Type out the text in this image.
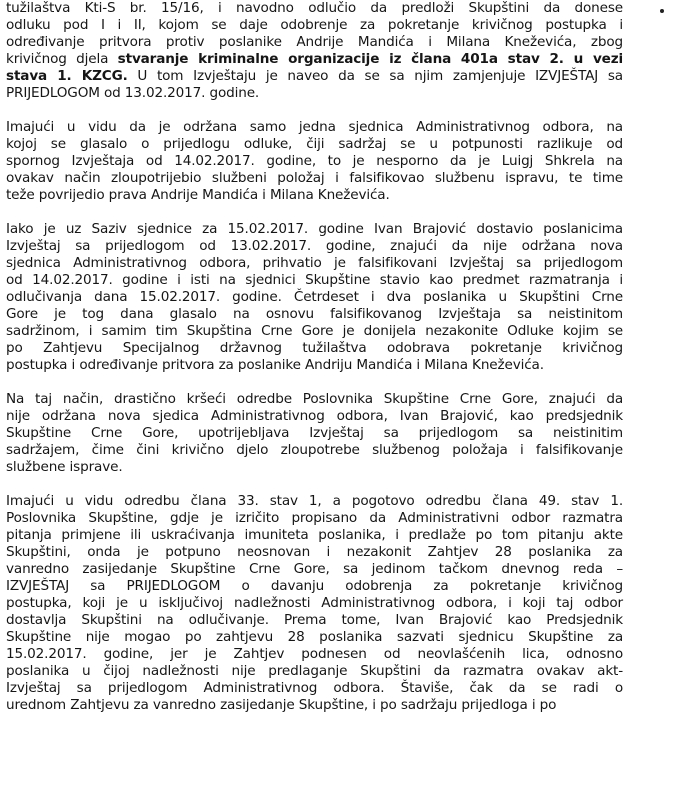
tužilaštva Kti-S br. 15/16, i navodno odlučio da predloži Skupštini da donese
odluku pod I i II, kojom se daje odobrenje za pokretanje krivičnog postupka i
određivanje pritvora protiv poslanike Andrije Mandića i Milana Kneževića, zbog
krivičnog djela stvaranje kriminalne organizacije iz člana 401a stav 2. u vezi
stava 1. KZCG. U tom Izvještaju je naveo da se sa njim zamjenjuje IZVJEŠTAJ sa
PRIJEDLOGOM od 13.02.2017. godine.
Imajući u vidu da je održana samo jedna sjednica Administrativnog odbora, na
kojoj se glasalo o prijedlogu odluke, čiji sadržaj se u potpunosti razlikuje od
spornog Izvještaja od 14.02.2017. godine, to je nesporno da je Luigj Shkrela na
ovakav način zloupotrijebio službeni položaj i falsifikovao službenu ispravu, te time
teže povrijedio prava Andrije Mandića i Milana Kneževića.
Iako je uz Saziv sjednice za 15.02.2017. godine Ivan Brajović dostavio poslanicima
Izvještaj sa prijedlogom od 13.02.2017. godine, znajući da nije održana nova
sjednica Administrativnog odbora, prihvatio je falsifikovani Izvještaj sa prijedlogom
od 14.02.2017. godine i isti na sjednici Skupštine stavio kao predmet razmatranja i
odlučivanja dana 15.02.2017. godine. Četrdeset i dva poslanika u Skupštini Crne
Gore je tog dana glasalo na osnovu falsifikovanog Izvještaja sa neistinitom
sadržinom, i samim tim Skupština Crne Gore je donijela nezakonite Odluke kojim se
po Zahtjevu Specijalnog državnog tužilaštva odobrava pokretanje krivičnog
postupka i određivanje pritvora za poslanike Andriju Mandića i Milana Kneževića.
Na taj način, drastično kršeći odredbe Poslovnika Skupštine Crne Gore, znajući da
nije održana nova sjedica Administrativnog odbora, Ivan Brajović, kao predsjednik
Skupštine Crne Gore, upotrijebljava Izvještaj sa prijedlogom sa neistinitim
sadržajem, čime čini krivično djelo zloupotrebe službenog položaja i falsifikovanje
službene isprave.
Imajući u vidu odredbu člana 33. stav 1, a pogotovo odredbu člana 49. stav 1.
Poslovnika Skupštine, gdje je izričito propisano da Administrativni odbor razmatra
pitanja primjene ili uskraćivanja imuniteta poslanika, i predlaže po tom pitanju akte
Skupštini, onda je potpuno neosnovan i nezakonit Zahtjev 28 poslanika za
vanredno zasijedanje Skupštine Crne Gore, sa jedinom tačkom dnevnog reda –
IZVJEŠTAJ sa PRIJEDLOGOM o davanju odobrenja za pokretanje krivičnog
postupka, koji je u isključivoj nadležnosti Administrativnog odbora, i koji taj odbor
dostavlja Skupštini na odlučivanje. Prema tome, Ivan Brajović kao Predsjednik
Skupštine nije mogao po zahtjevu 28 poslanika sazvati sjednicu Skupštine za
15.02.2017. godine, jer je Zahtjev podnesen od neovlašćenih lica, odnosno
poslanika u čijoj nadležnosti nije predlaganje Skupštini da razmatra ovakav akt-
Izvještaj sa prijedlogom Administrativnog odbora. Štaviše, čak da se radi o
urednom Zahtjevu za vanredno zasijedanje Skupštine, i po sadržaju prijedloga i po
